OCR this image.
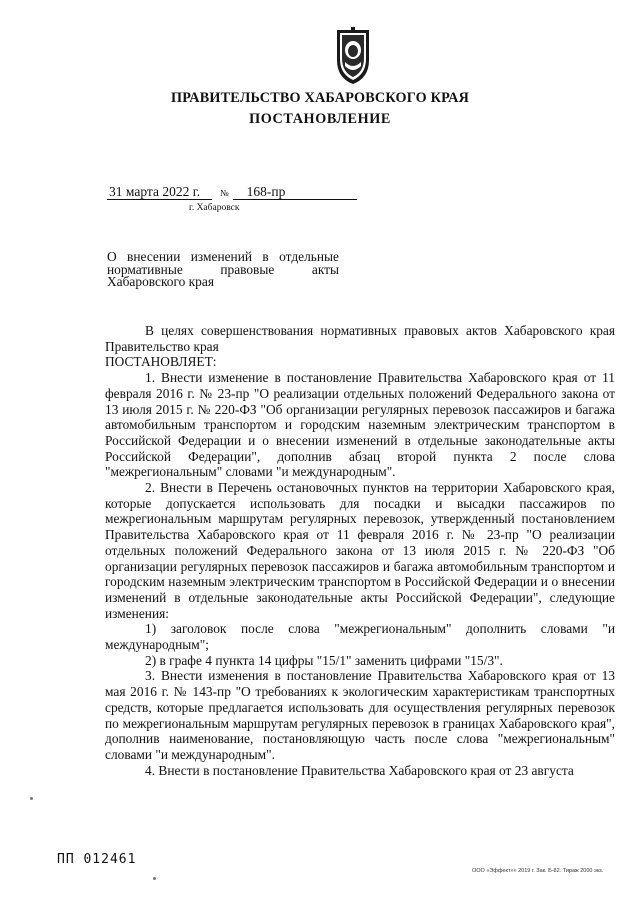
ПРАВИТЕЛЬСТВО ХАБАРОВСКОГО КРАЯ
ПОСТАНОВЛЕНИЕ
31 марта 2022 г. № 168-пр
г. Хабаровск
О внесении изменений в отдельные
нормативные правовые акты
Хабаровского края

В целях совершенствования нормативных правовых актов Хабаровского края Правительство края

ПОСТАНОВЛЯЕТ:

1. Внести изменение в постановление Правительства Хабаровского края от 11 февраля 2016 г. № 23-пр "О реализации отдельных положений Федерального закона от 13 июля 2015 г. № 220-ФЗ "Об организации регулярных перевозок пассажиров и багажа автомобильным транспортом и городским наземным электрическим транспортом в Российской Федерации и о внесении изменений в отдельные законодательные акты Российской Федерации", дополнив абзац второй пункта 2 после слова "межрегиональным" словами "и международным".

2. Внести в Перечень остановочных пунктов на территории Хабаровского края, которые допускается использовать для посадки и высадки пассажиров по межрегиональным маршрутам регулярных перевозок, утвержденный постановлением Правительства Хабаровского края от 11 февраля 2016 г. № 23-пр "О реализации отдельных положений Федерального закона от 13 июля 2015 г. № 220-ФЗ "Об организации регулярных перевозок пассажиров и багажа автомобильным транспортом и городским наземным электрическим транспортом в Российской Федерации и о внесении изменений в отдельные законодательные акты Российской Федерации", следующие изменения:

1) заголовок после слова "межрегиональным" дополнить словами "и международным";

2) в графе 4 пункта 14 цифры "15/1" заменить цифрами "15/3".

3. Внести изменения в постановление Правительства Хабаровского края от 13 мая 2016 г. № 143-пр "О требованиях к экологическим характеристикам транспортных средств, которые предлагается использовать для осуществления регулярных перевозок по межрегиональным маршрутам регулярных перевозок в границах Хабаровского края", дополнив наименование, постановляющую часть после слова "межрегиональным" словами "и международным".

4. Внести в постановление Правительства Хабаровского края от 23 августа

ПП 012461
ООО «Эффект»» 2019 г. Зак. Б-82. Тираж 2000 экз.
